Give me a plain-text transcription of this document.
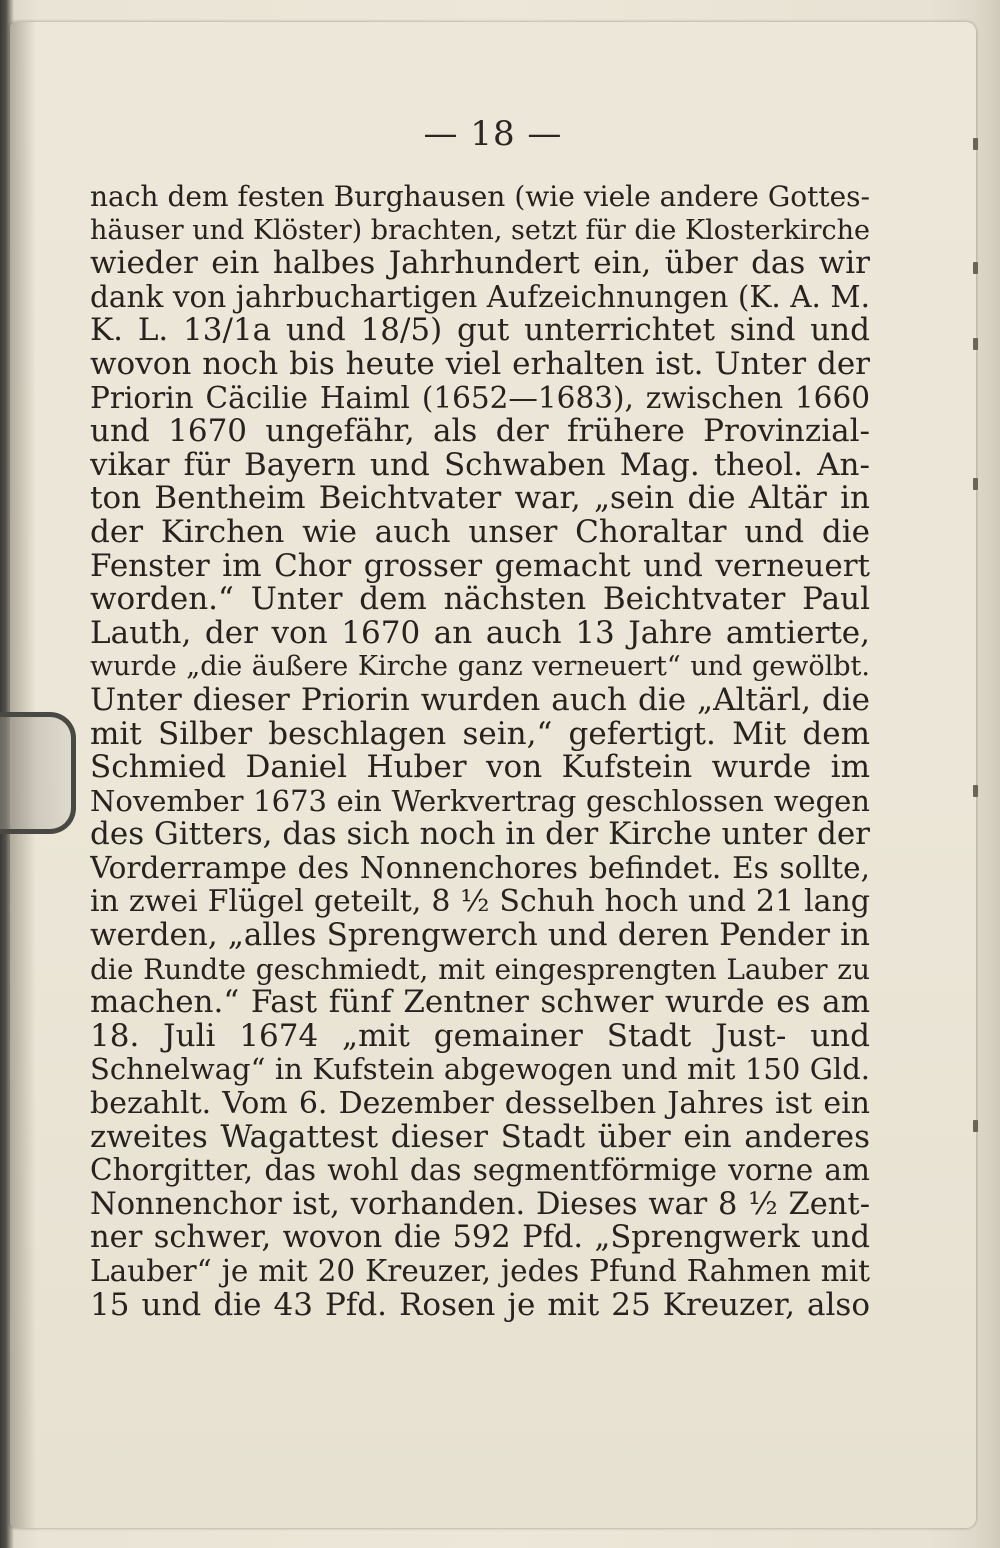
— 18 —
nach dem festen Burghausen (wie viele andere Gottes-
häuser und Klöster) brachten, setzt für die Klosterkirche
wieder ein halbes Jahrhundert ein, über das wir
dank von jahrbuchartigen Aufzeichnungen (K. A. M.
K. L. 13/1a und 18/5) gut unterrichtet sind und
wovon noch bis heute viel erhalten ist. Unter der
Priorin Cäcilie Haiml (1652—1683), zwischen 1660
und 1670 ungefähr, als der frühere Provinzial-
vikar für Bayern und Schwaben Mag. theol. An-
ton Bentheim Beichtvater war, „sein die Altär in
der Kirchen wie auch unser Choraltar und die
Fenster im Chor grosser gemacht und verneuert
worden.“ Unter dem nächsten Beichtvater Paul
Lauth, der von 1670 an auch 13 Jahre amtierte,
wurde „die äußere Kirche ganz verneuert“ und gewölbt.
Unter dieser Priorin wurden auch die „Altärl, die
mit Silber beschlagen sein,“ gefertigt. Mit dem
Schmied Daniel Huber von Kufstein wurde im
November 1673 ein Werkvertrag geschlossen wegen
des Gitters, das sich noch in der Kirche unter der
Vorderrampe des Nonnenchores befindet. Es sollte,
in zwei Flügel geteilt, 8 ½ Schuh hoch und 21 lang
werden, „alles Sprengwerch und deren Pender in
die Rundte geschmiedt, mit eingesprengten Lauber zu
machen.“ Fast fünf Zentner schwer wurde es am
18. Juli 1674 „mit gemainer Stadt Just- und
Schnelwag“ in Kufstein abgewogen und mit 150 Gld.
bezahlt. Vom 6. Dezember desselben Jahres ist ein
zweites Wagattest dieser Stadt über ein anderes
Chorgitter, das wohl das segmentförmige vorne am
Nonnenchor ist, vorhanden. Dieses war 8 ½ Zent-
ner schwer, wovon die 592 Pfd. „Sprengwerk und
Lauber“ je mit 20 Kreuzer, jedes Pfund Rahmen mit
15 und die 43 Pfd. Rosen je mit 25 Kreuzer, also
